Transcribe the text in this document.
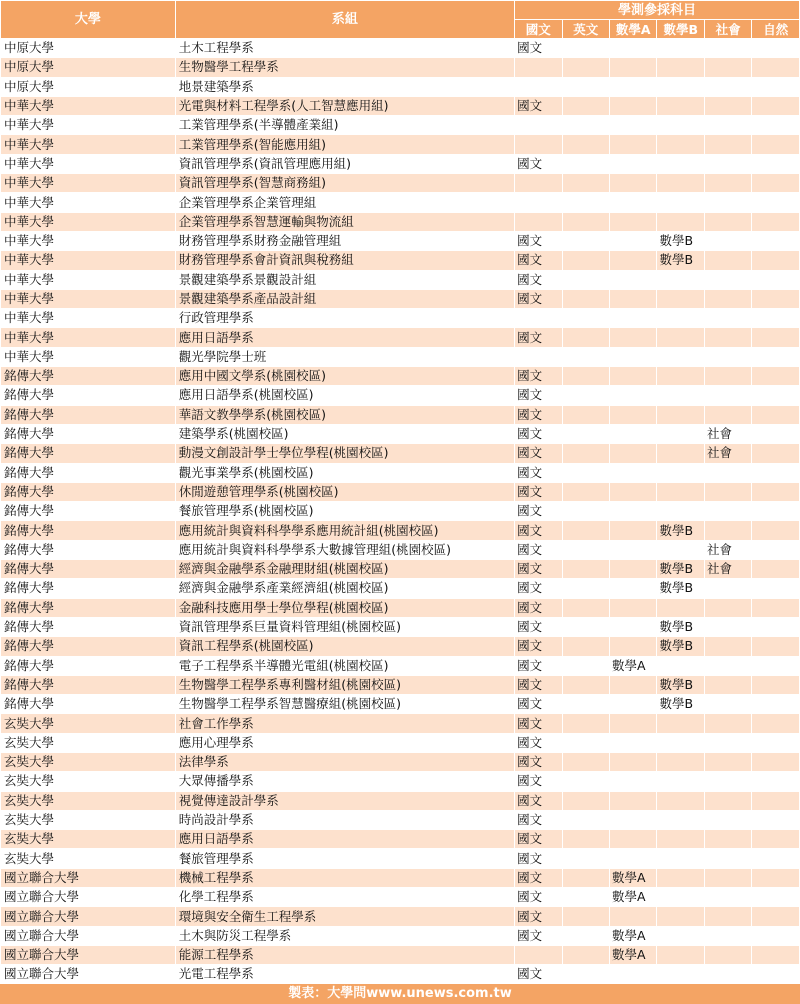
大學	系組	學測參採科目					
		國文	英文	數學A	數學B	社會	自然
中原大學	土木工程學系	國文					
中原大學	生物醫學工程學系						
中原大學	地景建築學系						
中華大學	光電與材料工程學系(人工智慧應用組)	國文					
中華大學	工業管理學系(半導體產業組)						
中華大學	工業管理學系(智能應用組)						
中華大學	資訊管理學系(資訊管理應用組)	國文					
中華大學	資訊管理學系(智慧商務組)						
中華大學	企業管理學系企業管理組						
中華大學	企業管理學系智慧運輸與物流組						
中華大學	財務管理學系財務金融管理組	國文			數學B		
中華大學	財務管理學系會計資訊與稅務組	國文			數學B		
中華大學	景觀建築學系景觀設計組	國文					
中華大學	景觀建築學系產品設計組	國文					
中華大學	行政管理學系						
中華大學	應用日語學系	國文					
中華大學	觀光學院學士班						
銘傳大學	應用中國文學系(桃園校區)	國文					
銘傳大學	應用日語學系(桃園校區)	國文					
銘傳大學	華語文教學學系(桃園校區)	國文					
銘傳大學	建築學系(桃園校區)	國文				社會	
銘傳大學	動漫文創設計學士學位學程(桃園校區)	國文				社會	
銘傳大學	觀光事業學系(桃園校區)	國文					
銘傳大學	休閒遊憩管理學系(桃園校區)	國文					
銘傳大學	餐旅管理學系(桃園校區)	國文					
銘傳大學	應用統計與資料科學學系應用統計組(桃園校區)	國文			數學B		
銘傳大學	應用統計與資料科學學系大數據管理組(桃園校區)	國文				社會	
銘傳大學	經濟與金融學系金融理財組(桃園校區)	國文			數學B	社會	
銘傳大學	經濟與金融學系產業經濟組(桃園校區)	國文			數學B		
銘傳大學	金融科技應用學士學位學程(桃園校區)	國文					
銘傳大學	資訊管理學系巨量資料管理組(桃園校區)	國文			數學B		
銘傳大學	資訊工程學系(桃園校區)	國文			數學B		
銘傳大學	電子工程學系半導體光電組(桃園校區)	國文		數學A			
銘傳大學	生物醫學工程學系專利醫材組(桃園校區)	國文			數學B		
銘傳大學	生物醫學工程學系智慧醫療組(桃園校區)	國文			數學B		
玄奘大學	社會工作學系	國文					
玄奘大學	應用心理學系	國文					
玄奘大學	法律學系	國文					
玄奘大學	大眾傳播學系	國文					
玄奘大學	視覺傳達設計學系	國文					
玄奘大學	時尚設計學系	國文					
玄奘大學	應用日語學系	國文					
玄奘大學	餐旅管理學系	國文					
國立聯合大學	機械工程學系	國文		數學A			
國立聯合大學	化學工程學系	國文		數學A			
國立聯合大學	環境與安全衛生工程學系	國文					
國立聯合大學	土木與防災工程學系	國文		數學A			
國立聯合大學	能源工程學系			數學A			
國立聯合大學	光電工程學系	國文					
製表：大學問www.unews.com.tw
